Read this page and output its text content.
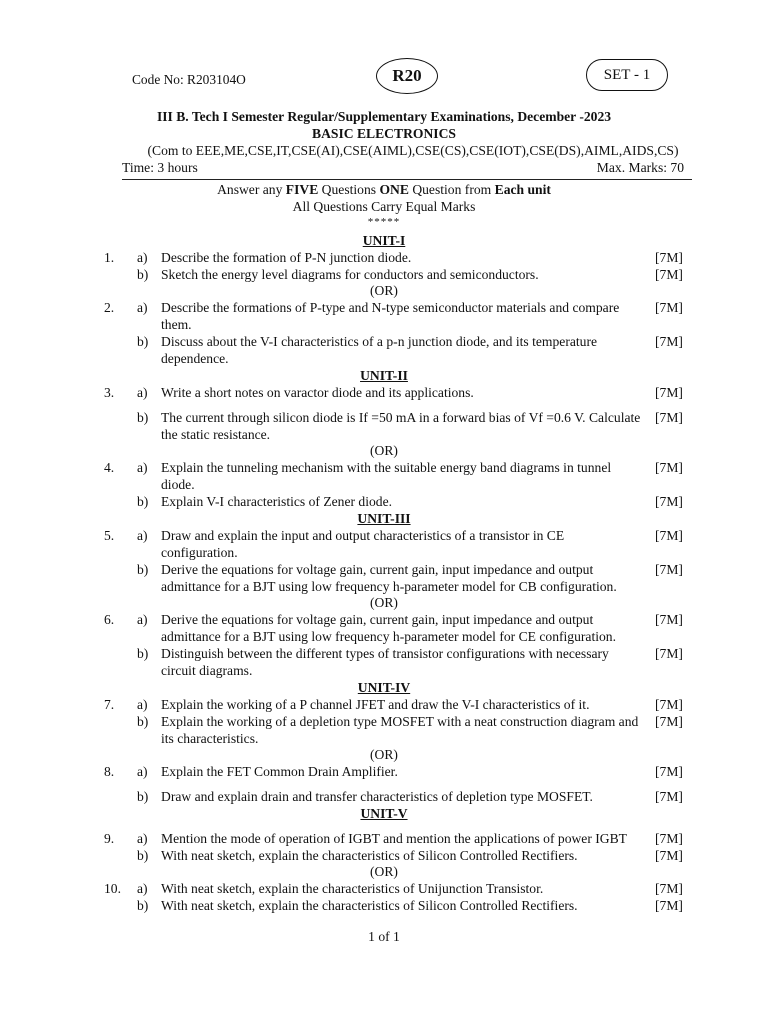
Code No: R203104O	R20	SET - 1
III B. Tech I Semester Regular/Supplementary Examinations, December -2023
BASIC ELECTRONICS
(Com to EEE,ME,CSE,IT,CSE(AI),CSE(AIML),CSE(CS),CSE(IOT),CSE(DS),AIML,AIDS,CS)
Time: 3 hours	Max. Marks: 70
Answer any FIVE Questions ONE Question from Each unit
All Questions Carry Equal Marks
*****
UNIT-I
1. a) Describe the formation of P-N junction diode.	[7M]
b) Sketch the energy level diagrams for conductors and semiconductors.	[7M]
(OR)
2. a) Describe the formations of P-type and N-type semiconductor materials and compare them.
[7M]
b) Discuss about the V-I characteristics of a p-n junction diode, and its temperature dependence.
[7M]
UNIT-II
3. a) Write a short notes on varactor diode and its applications.	[7M]
b) The current through silicon diode is If =50 mA in a forward bias of Vf =0.6 V. Calculate the static resistance.
[7M]
(OR)
4. a) Explain the tunneling mechanism with the suitable energy band diagrams in tunnel diode.
[7M]
b) Explain V-I characteristics of Zener diode.	[7M]
UNIT-III
5. a) Draw and explain the input and output characteristics of a transistor in CE configuration.
[7M]
b) Derive the equations for voltage gain, current gain, input impedance and output admittance for a BJT using low frequency h-parameter model for CB configuration.
[7M]
(OR)
6. a) Derive the equations for voltage gain, current gain, input impedance and output admittance for a BJT using low frequency h-parameter model for CE configuration.
[7M]
b) Distinguish between the different types of transistor configurations with necessary circuit diagrams.
[7M]
UNIT-IV
7. a) Explain the working of a P channel JFET and draw the V-I characteristics of it.	[7M]
b) Explain the working of a depletion type MOSFET with a neat construction diagram and its characteristics.
[7M]
(OR)
8. a) Explain the FET Common Drain Amplifier.	[7M]
b) Draw and explain drain and transfer characteristics of depletion type MOSFET.	[7M]
UNIT-V
9. a) Mention the mode of operation of IGBT and mention the applications of power IGBT	[7M]
b) With neat sketch, explain the characteristics of Silicon Controlled Rectifiers.	[7M]
(OR)
10. a) With neat sketch, explain the characteristics of Unijunction Transistor.	[7M]
b) With neat sketch, explain the characteristics of Silicon Controlled Rectifiers.	[7M]
1 of 1
